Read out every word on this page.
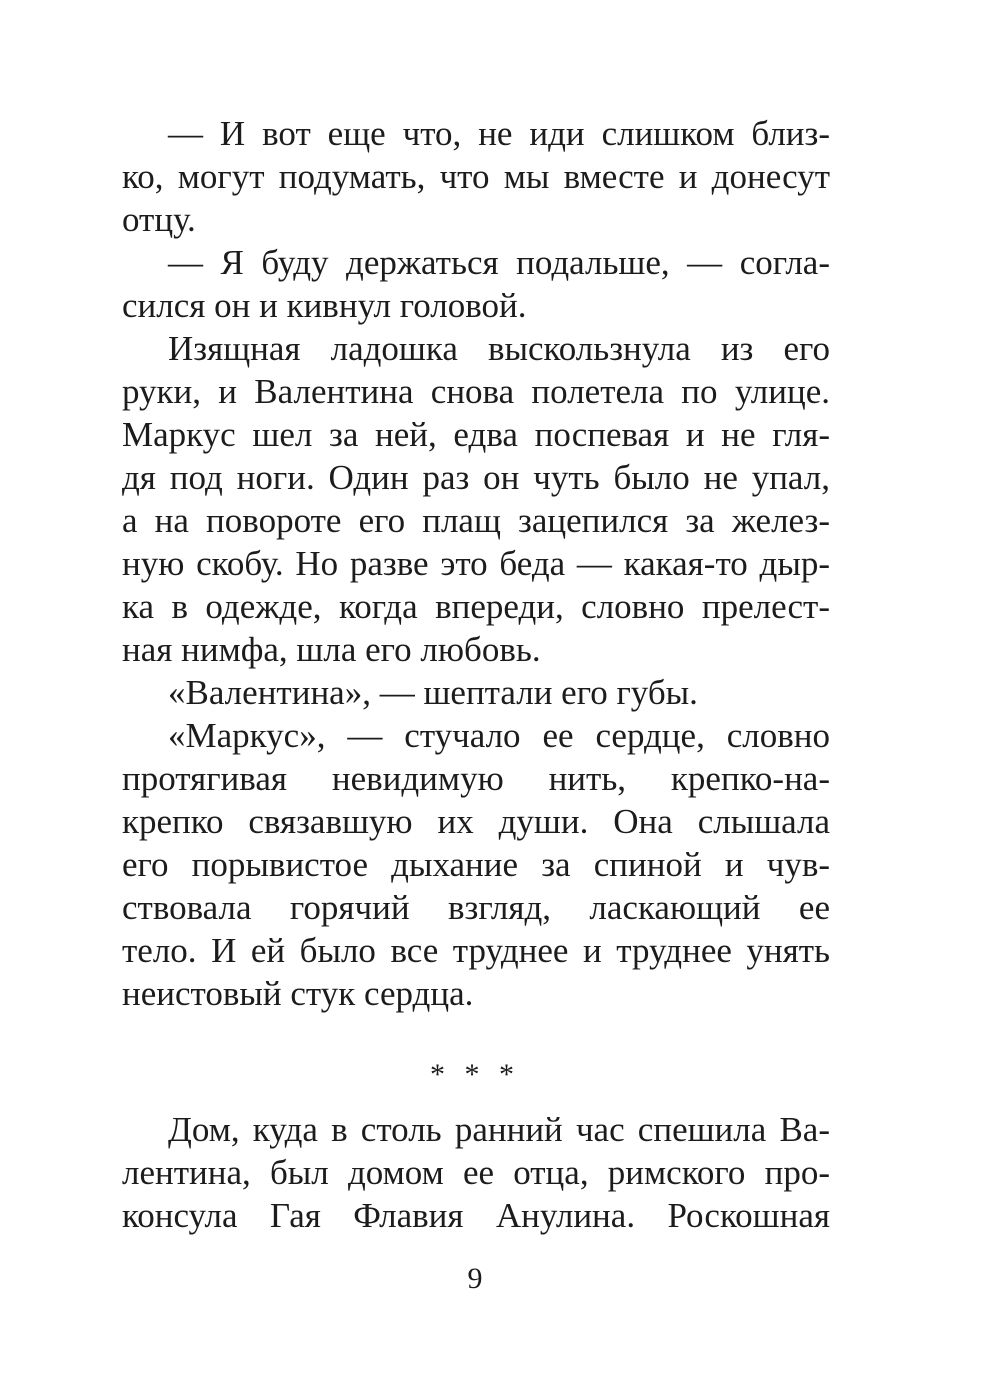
— И вот еще что, не иди слишком близ-
ко, могут подумать, что мы вместе и донесут
отцу.
— Я буду держаться подальше, — согла-
сился он и кивнул головой.
Изящная ладошка выскользнула из его
руки, и Валентина снова полетела по улице.
Маркус шел за ней, едва поспевая и не гля-
дя под ноги. Один раз он чуть было не упал,
а на повороте его плащ зацепился за желез-
ную скобу. Но разве это беда — какая-то дыр-
ка в одежде, когда впереди, словно прелест-
ная нимфа, шла его любовь.
«Валентина», — шептали его губы.
«Маркус», — стучало ее сердце, словно
протягивая невидимую нить, крепко-на-
крепко связавшую их души. Она слышала
его порывистое дыхание за спиной и чув-
ствовала горячий взгляд, ласкающий ее
тело. И ей было все труднее и труднее унять
неистовый стук сердца.
* * *
Дом, куда в столь ранний час спешила Ва-
лентина, был домом ее отца, римского про-
консула Гая Флавия Анулина. Роскошная
9
